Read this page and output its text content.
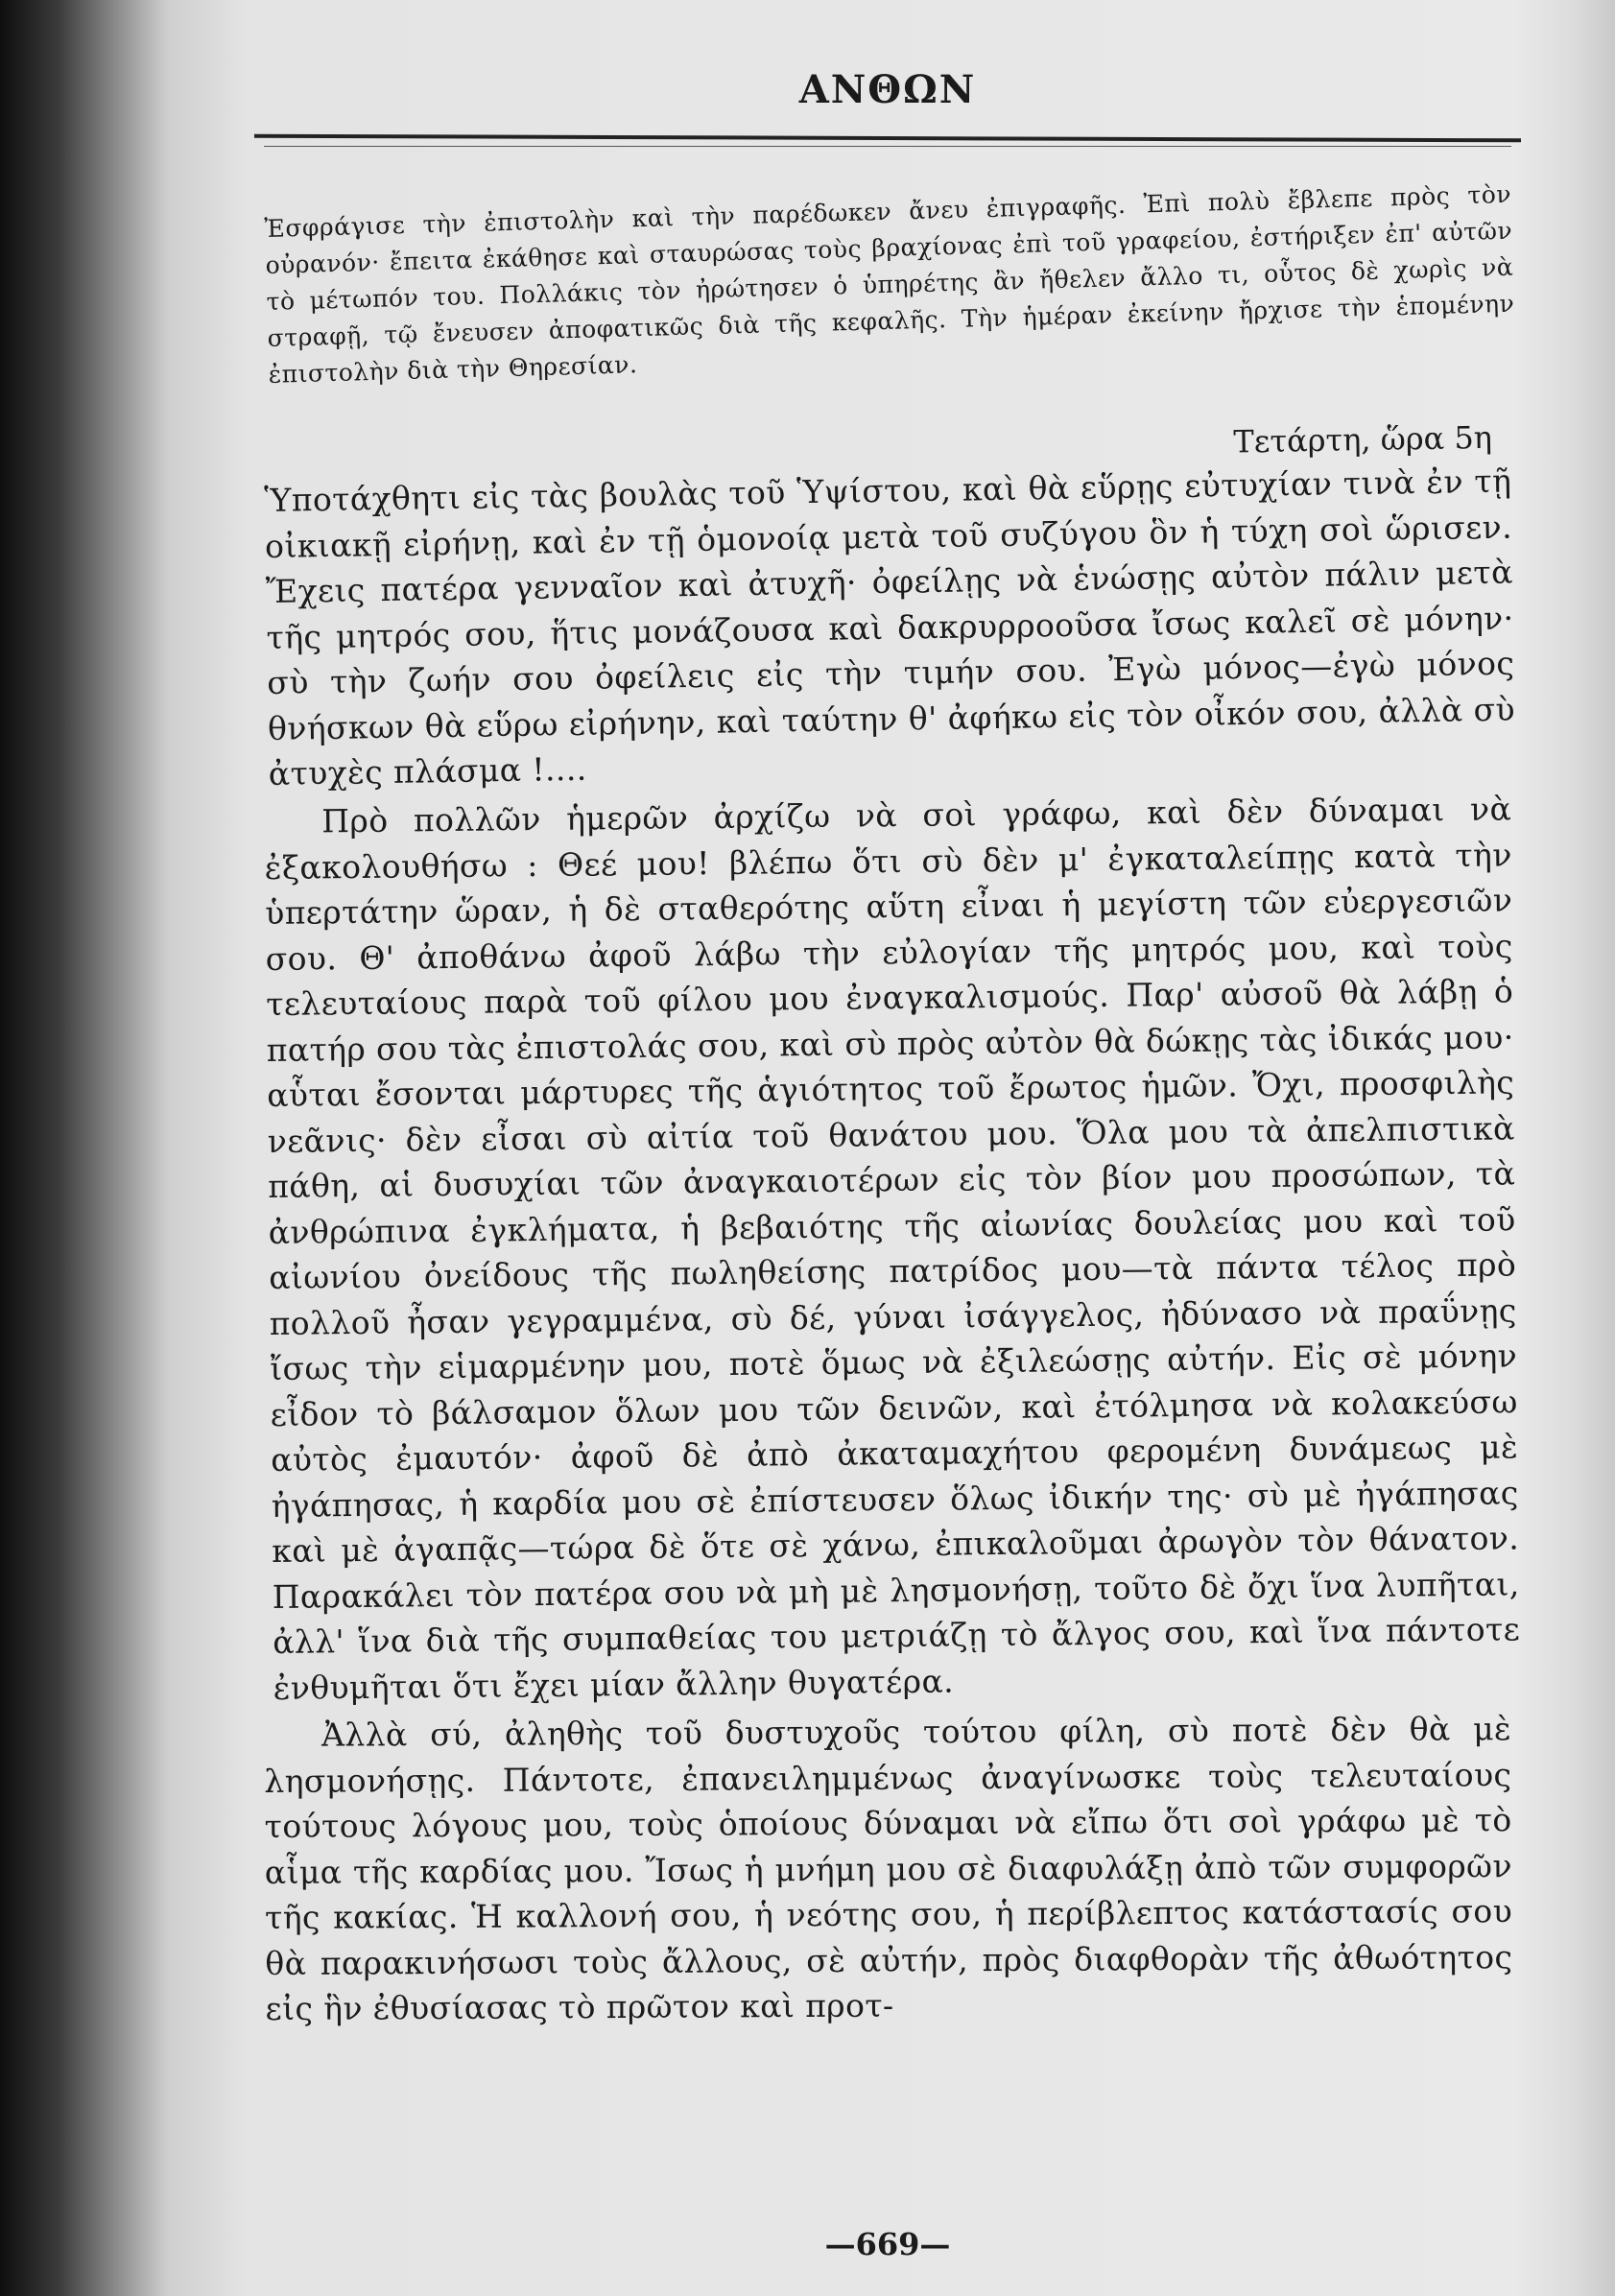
ΑΝΘΩΝ

Ἐσφράγισε τὴν ἐπιστολὴν καὶ τὴν παρέδωκεν ἄνευ ἐπιγραφῆς. Ἐπὶ πολὺ ἔβλεπε πρὸς τὸν οὐρανόν· ἔπειτα ἐκάθησε καὶ σταυρώσας τοὺς βραχίονας ἐπὶ τοῦ γραφείου, ἐστήριξεν ἐπ' αὐτῶν τὸ μέτωπόν του. Πολλάκις τὸν ἠρώτησεν ὁ ὑπηρέτης ἂν ἤθελεν ἄλλο τι, οὗτος δὲ χωρὶς νὰ στραφῇ, τῷ ἔνευσεν ἀποφατικῶς διὰ τῆς κεφαλῆς. Τὴν ἡμέραν ἐκείνην ἤρχισε τὴν ἑπομένην ἐπιστολὴν διὰ τὴν Θηρεσίαν.

Τετάρτη, ὥρα 5η

Ὑποτάχθητι εἰς τὰς βουλὰς τοῦ Ὑψίστου, καὶ θὰ εὕρῃς εὐτυχίαν τινὰ ἐν τῇ οἰκιακῇ εἰρήνῃ, καὶ ἐν τῇ ὁμονοίᾳ μετὰ τοῦ συζύγου ὃν ἡ τύχη σοὶ ὥρισεν. Ἔχεις πατέρα γενναῖον καὶ ἀτυχῆ· ὀφείλῃς νὰ ἑνώσῃς αὐτὸν πάλιν μετὰ τῆς μητρός σου, ἥτις μονάζουσα καὶ δακρυρροοῦσα ἴσως καλεῖ σὲ μόνην· σὺ τὴν ζωήν σου ὀφείλεις εἰς τὴν τιμήν σου. Ἐγὼ μόνος—ἐγὼ μόνος θνήσκων θὰ εὕρω εἰρήνην, καὶ ταύτην θ' ἀφήκω εἰς τὸν οἶκόν σου, ἀλλὰ σὺ ἀτυχὲς πλάσμα !....

Πρὸ πολλῶν ἡμερῶν ἀρχίζω νὰ σοὶ γράφω, καὶ δὲν δύναμαι νὰ ἐξακολουθήσω : Θεέ μου! βλέπω ὅτι σὺ δὲν μ' ἐγκαταλείπῃς κατὰ τὴν ὑπερτάτην ὥραν, ἡ δὲ σταθερότης αὕτη εἶναι ἡ μεγίστη τῶν εὐεργεσιῶν σου. Θ' ἀποθάνω ἀφοῦ λάβω τὴν εὐλογίαν τῆς μητρός μου, καὶ τοὺς τελευταίους παρὰ τοῦ φίλου μου ἐναγκαλισμούς. Παρ' αὐσοῦ θὰ λάβῃ ὁ πατήρ σου τὰς ἐπιστολάς σου, καὶ σὺ πρὸς αὐτὸν θὰ δώκῃς τὰς ἰδικάς μου· αὗται ἔσονται μάρτυρες τῆς ἁγιότητος τοῦ ἔρωτος ἡμῶν. Ὄχι, προσφιλὴς νεᾶνις· δὲν εἶσαι σὺ αἰτία τοῦ θανάτου μου. Ὅλα μου τὰ ἀπελπιστικὰ πάθη, αἱ δυσυχίαι τῶν ἀναγκαιοτέρων εἰς τὸν βίον μου προσώπων, τὰ ἀνθρώπινα ἐγκλήματα, ἡ βεβαιότης τῆς αἰωνίας δουλείας μου καὶ τοῦ αἰωνίου ὀνείδους τῆς πωληθείσης πατρίδος μου—τὰ πάντα τέλος πρὸ πολλοῦ ἦσαν γεγραμμένα, σὺ δέ, γύναι ἰσάγγελος, ἠδύνασο νὰ πραΰνῃς ἴσως τὴν εἱμαρμένην μου, ποτὲ ὅμως νὰ ἐξιλεώσῃς αὐτήν. Εἰς σὲ μόνην εἶδον τὸ βάλσαμον ὅλων μου τῶν δεινῶν, καὶ ἐτόλμησα νὰ κολακεύσω αὐτὸς ἐμαυτόν· ἀφοῦ δὲ ἀπὸ ἀκαταμαχήτου φερομένη δυνάμεως μὲ ἠγάπησας, ἡ καρδία μου σὲ ἐπίστευσεν ὅλως ἰδικήν της· σὺ μὲ ἠγάπησας καὶ μὲ ἀγαπᾷς—τώρα δὲ ὅτε σὲ χάνω, ἐπικαλοῦμαι ἀρωγὸν τὸν θάνατον. Παρακάλει τὸν πατέρα σου νὰ μὴ μὲ λησμονήσῃ, τοῦτο δὲ ὄχι ἵνα λυπῆται, ἀλλ' ἵνα διὰ τῆς συμπαθείας του μετριάζῃ τὸ ἄλγος σου, καὶ ἵνα πάντοτε ἐνθυμῆται ὅτι ἔχει μίαν ἄλλην θυγατέρα.

Ἀλλὰ σύ, ἀληθὴς τοῦ δυστυχοῦς τούτου φίλη, σὺ ποτὲ δὲν θὰ μὲ λησμονήσῃς. Πάντοτε, ἐπανειλημμένως ἀναγίνωσκε τοὺς τελευταίους τούτους λόγους μου, τοὺς ὁποίους δύναμαι νὰ εἴπω ὅτι σοὶ γράφω μὲ τὸ αἷμα τῆς καρδίας μου. Ἴσως ἡ μνήμη μου σὲ διαφυλάξῃ ἀπὸ τῶν συμφορῶν τῆς κακίας. Ἡ καλλονή σου, ἡ νεότης σου, ἡ περίβλεπτος κατάστασίς σου θὰ παρακινήσωσι τοὺς ἄλλους, σὲ αὐτήν, πρὸς διαφθορὰν τῆς ἀθωότητος εἰς ἣν ἐθυσίασας τὸ πρῶτον καὶ προτ-

—669—
